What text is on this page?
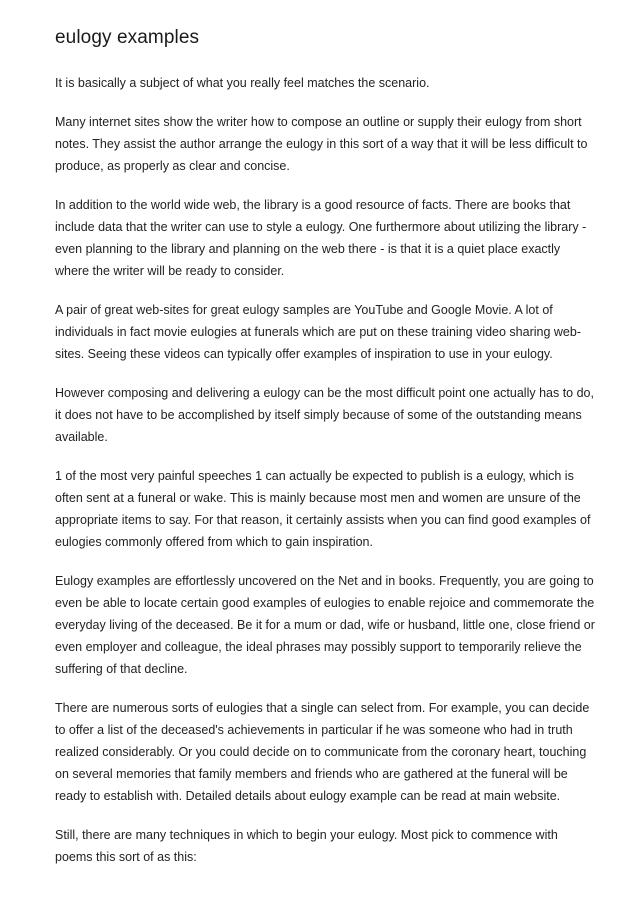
eulogy examples

It is basically a subject of what you really feel matches the scenario.

Many internet sites show the writer how to compose an outline or supply their eulogy from short notes. They assist the author arrange the eulogy in this sort of a way that it will be less difficult to produce, as properly as clear and concise.

In addition to the world wide web, the library is a good resource of facts. There are books that include data that the writer can use to style a eulogy. One furthermore about utilizing the library - even planning to the library and planning on the web there - is that it is a quiet place exactly where the writer will be ready to consider.

A pair of great web-sites for great eulogy samples are YouTube and Google Movie. A lot of individuals in fact movie eulogies at funerals which are put on these training video sharing web-sites. Seeing these videos can typically offer examples of inspiration to use in your eulogy.

However composing and delivering a eulogy can be the most difficult point one actually has to do, it does not have to be accomplished by itself simply because of some of the outstanding means available.

1 of the most very painful speeches 1 can actually be expected to publish is a eulogy, which is often sent at a funeral or wake. This is mainly because most men and women are unsure of the appropriate items to say. For that reason, it certainly assists when you can find good examples of eulogies commonly offered from which to gain inspiration.

Eulogy examples are effortlessly uncovered on the Net and in books. Frequently, you are going to even be able to locate certain good examples of eulogies to enable rejoice and commemorate the everyday living of the deceased. Be it for a mum or dad, wife or husband, little one, close friend or even employer and colleague, the ideal phrases may possibly support to temporarily relieve the suffering of that decline.

There are numerous sorts of eulogies that a single can select from. For example, you can decide to offer a list of the deceased's achievements in particular if he was someone who had in truth realized considerably. Or you could decide on to communicate from the coronary heart, touching on several memories that family members and friends who are gathered at the funeral will be ready to establish with. Detailed details about eulogy example can be read at main website.

Still, there are many techniques in which to begin your eulogy. Most pick to commence with poems this sort of as this:
